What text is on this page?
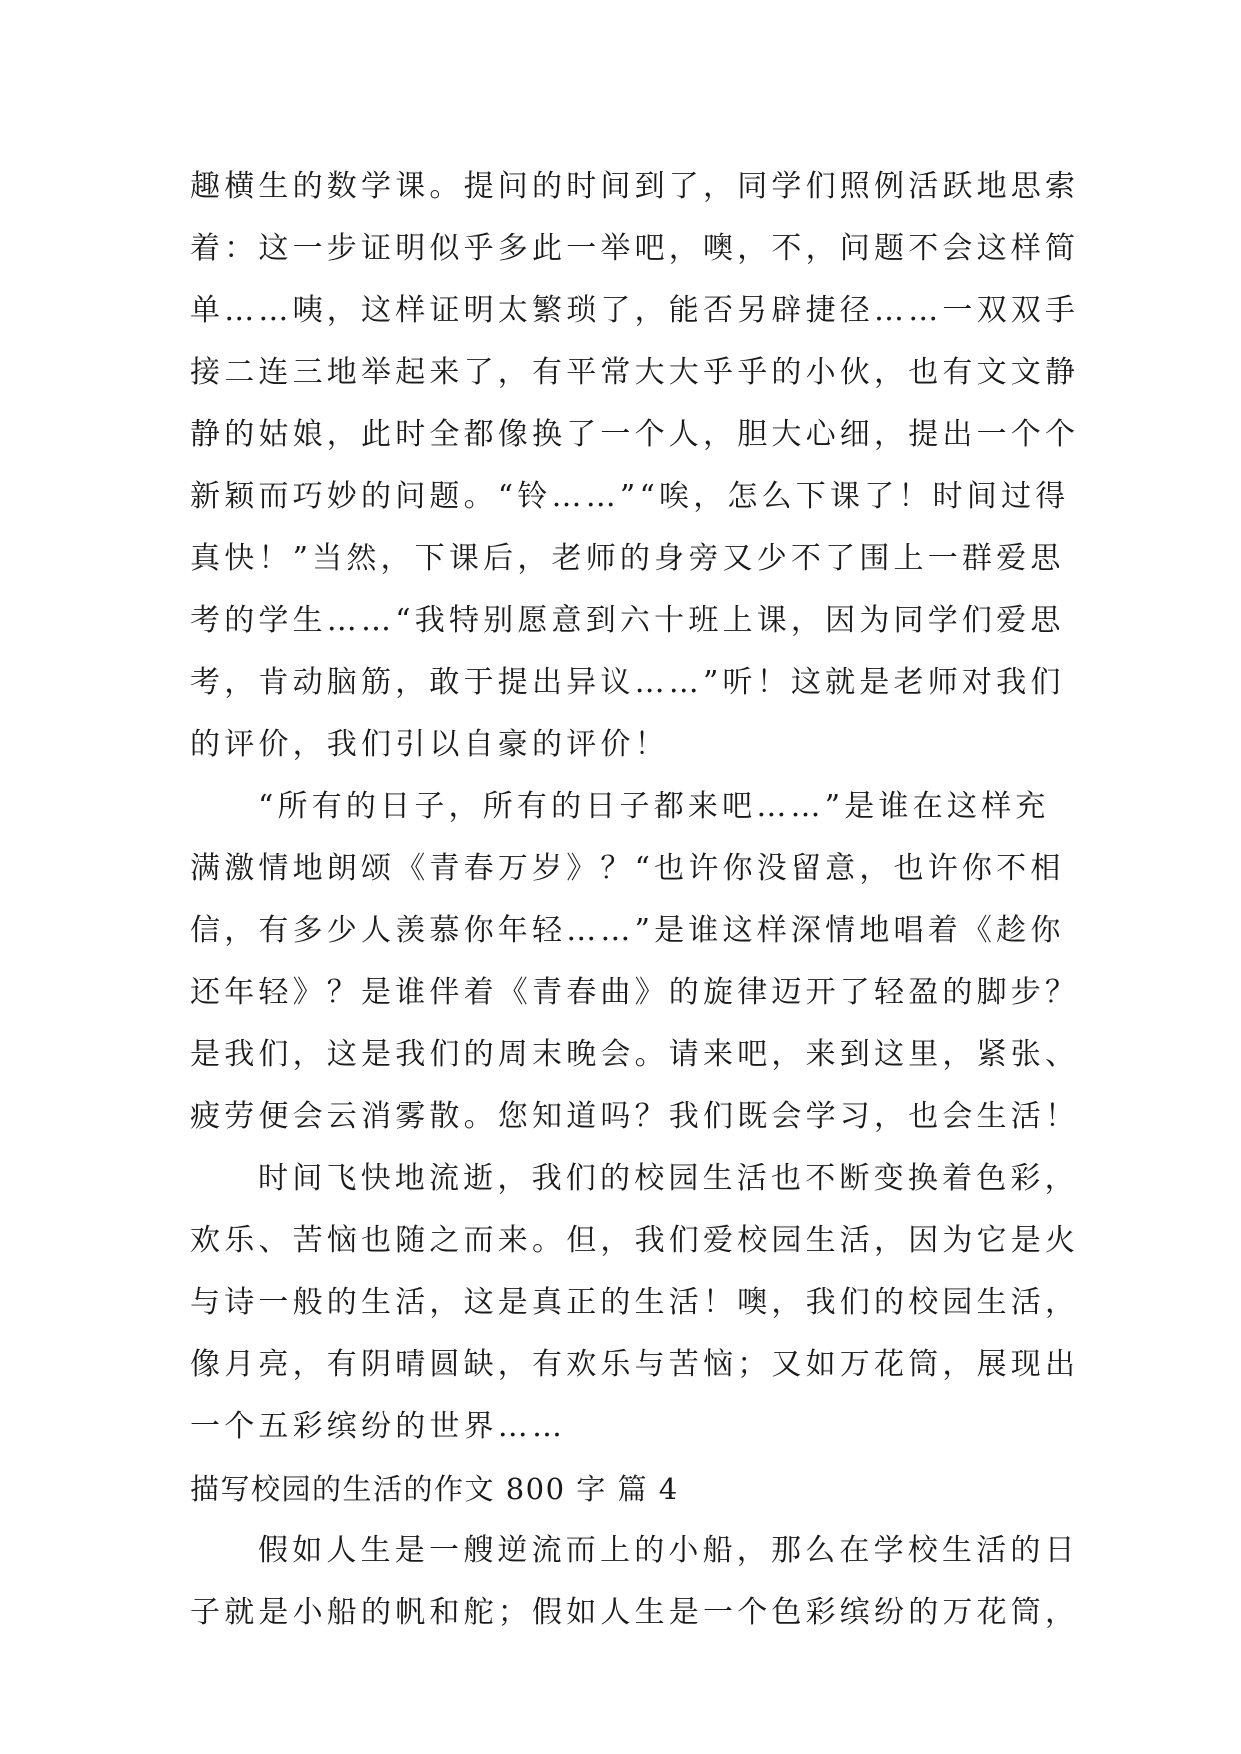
趣横生的数学课。提问的时间到了，同学们照例活跃地思索
着：这一步证明似乎多此一举吧，噢，不，问题不会这样简
单……咦，这样证明太繁琐了，能否另辟捷径……一双双手
接二连三地举起来了，有平常大大乎乎的小伙，也有文文静
静的姑娘，此时全都像换了一个人，胆大心细，提出一个个
新颖而巧妙的问题。“铃……”“唉，怎么下课了！时间过得
真快！”当然，下课后，老师的身旁又少不了围上一群爱思
考的学生……“我特别愿意到六十班上课，因为同学们爱思
考，肯动脑筋，敢于提出异议……”听！这就是老师对我们
的评价，我们引以自豪的评价！
“所有的日子，所有的日子都来吧……”是谁在这样充
满激情地朗颂《青春万岁》？“也许你没留意，也许你不相
信，有多少人羡慕你年轻……”是谁这样深情地唱着《趁你
还年轻》？是谁伴着《青春曲》的旋律迈开了轻盈的脚步？
是我们，这是我们的周末晚会。请来吧，来到这里，紧张、
疲劳便会云消雾散。您知道吗？我们既会学习，也会生活！
时间飞快地流逝，我们的校园生活也不断变换着色彩，
欢乐、苦恼也随之而来。但，我们爱校园生活，因为它是火
与诗一般的生活，这是真正的生活！噢，我们的校园生活，
像月亮，有阴晴圆缺，有欢乐与苦恼；又如万花筒，展现出
一个五彩缤纷的世界……
描写校园的生活的作文 800 字 篇 4
假如人生是一艘逆流而上的小船，那么在学校生活的日
子就是小船的帆和舵；假如人生是一个色彩缤纷的万花筒，
